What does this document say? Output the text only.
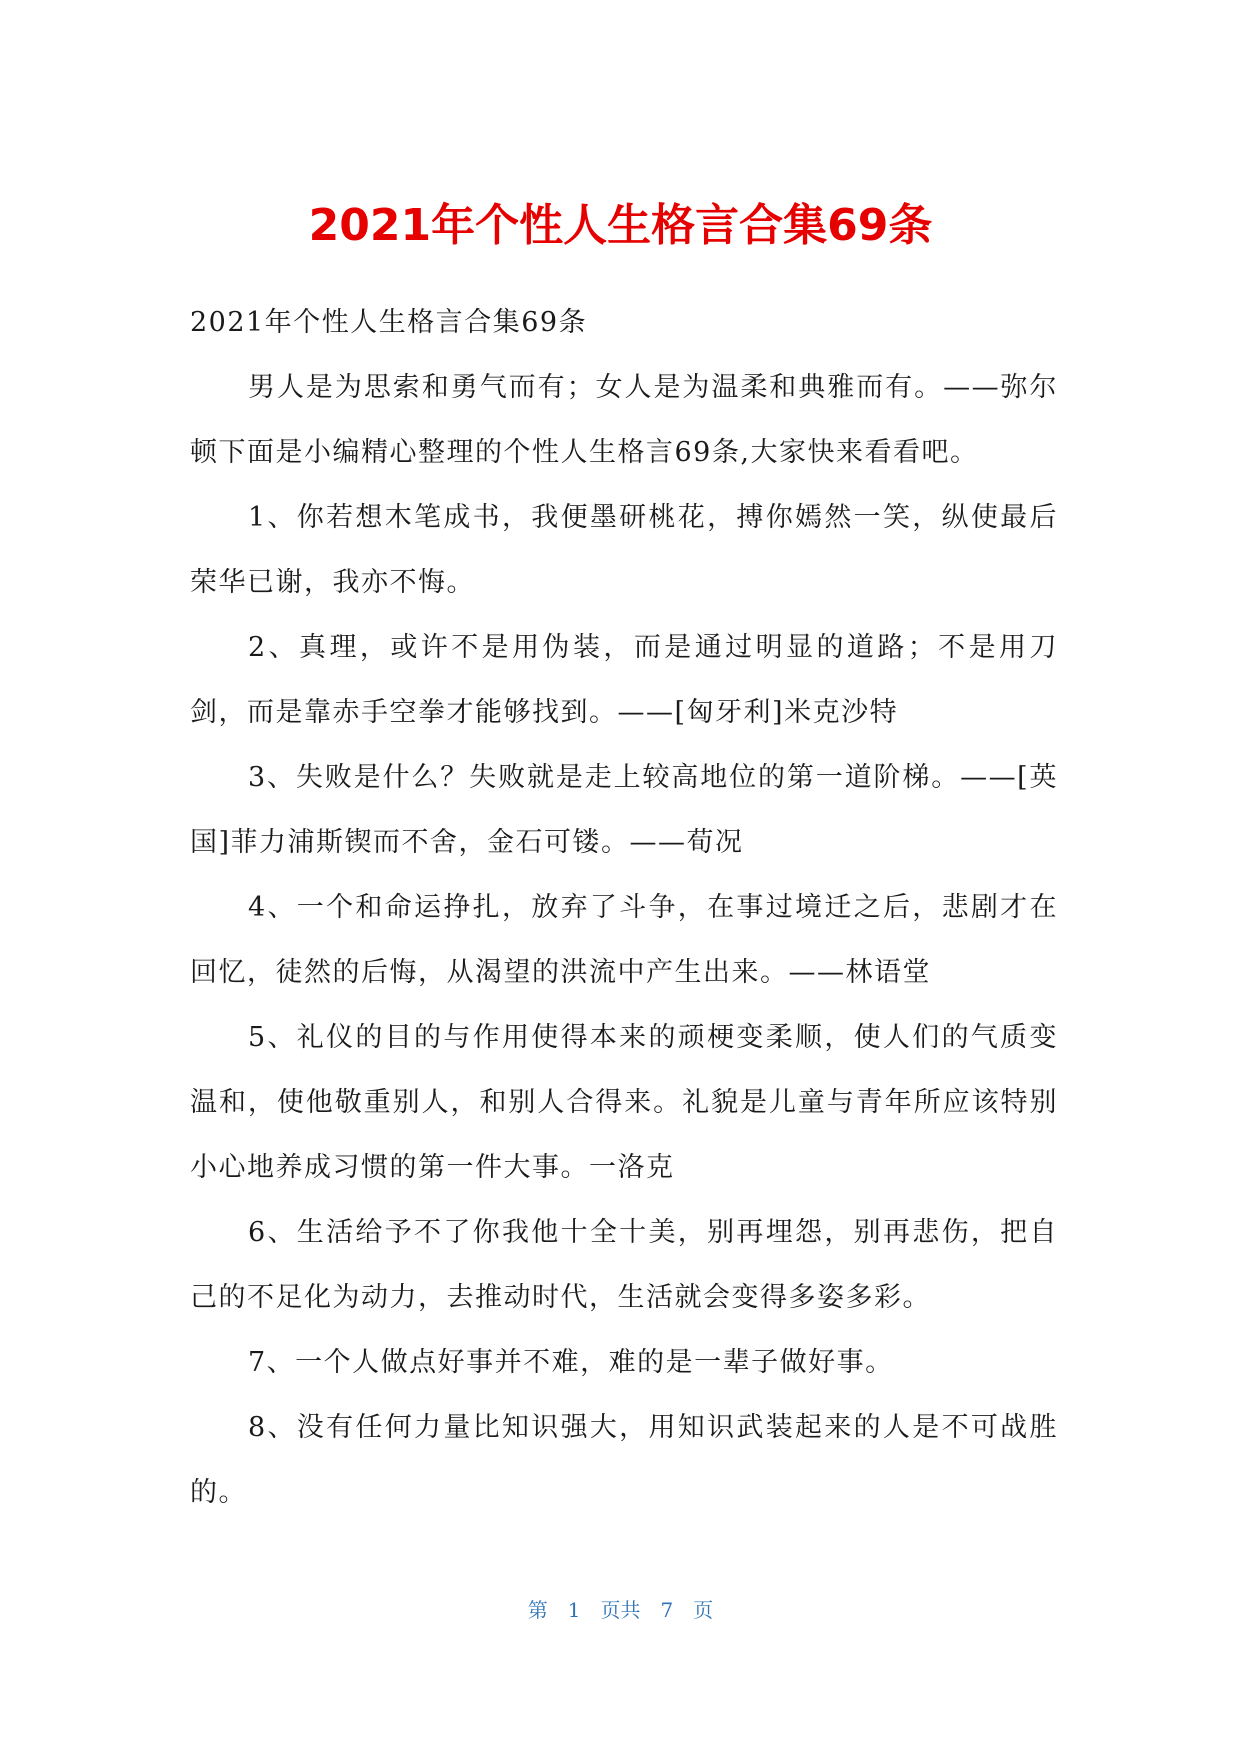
2021年个性人生格言合集69条

2021年个性人生格言合集69条

男人是为思索和勇气而有；女人是为温柔和典雅而有。——弥尔顿下面是小编精心整理的个性人生格言69条,大家快来看看吧。

1、你若想木笔成书，我便墨研桃花，搏你嫣然一笑，纵使最后荣华已谢，我亦不悔。

2、真理，或许不是用伪装，而是通过明显的道路；不是用刀剑，而是靠赤手空拳才能够找到。——[匈牙利]米克沙特

3、失败是什么？失败就是走上较高地位的第一道阶梯。——[英国]菲力浦斯锲而不舍，金石可镂。——荀况

4、一个和命运挣扎，放弃了斗争，在事过境迁之后，悲剧才在回忆，徒然的后悔，从渴望的洪流中产生出来。——林语堂

5、礼仪的目的与作用使得本来的顽梗变柔顺，使人们的气质变温和，使他敬重别人，和别人合得来。礼貌是儿童与青年所应该特别小心地养成习惯的第一件大事。一洛克

6、生活给予不了你我他十全十美，别再埋怨，别再悲伤，把自己的不足化为动力，去推动时代，生活就会变得多姿多彩。

7、一个人做点好事并不难，难的是一辈子做好事。

8、没有任何力量比知识强大，用知识武装起来的人是不可战胜的。

第　1　页共　7　页
